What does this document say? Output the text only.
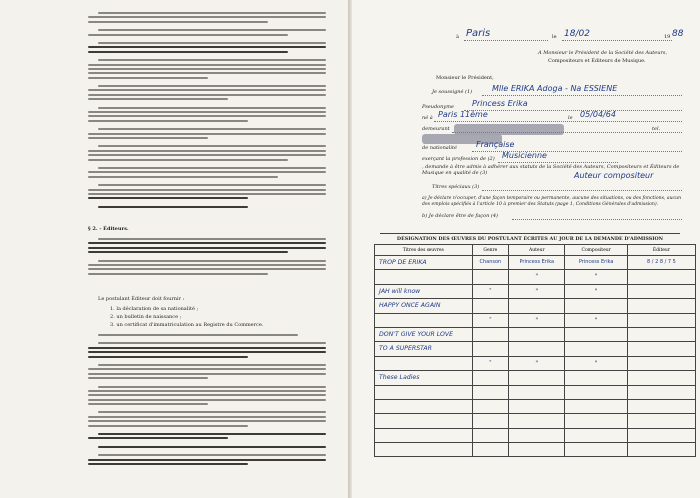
§ 2. - Éditeurs.
Le postulant Éditeur doit fournir :
1. la déclaration de sa nationalité ;
2. un bulletin de naissance ;
3. un certificat d'immatriculation au Registre du Commerce.
à Paris	le 18/02	19 88
A Monsieur le Président de la Société des Auteurs,
Compositeurs et Éditeurs de Musique.
Monsieur le Président,
Je soussigné (1) Mlle ERIKA Adoga - Na ESSIENE
Pseudonyme Princess Erika
né à Paris 11ème	le 05/04/64
demeurant	tel.
de nationalité Française
exerçant la profession de (2) Musicienne
, demande à être admis à adhérer aux statuts de la Société des Auteurs, Compositeurs et Éditeurs de Musique en qualité de (3)	Auteur compositeur
Titres spéciaux (3)
a) Je déclare n'occuper, d'une façon temporaire ou permanente, aucune des situations, ou des fonctions, aucun des emplois spécifiés à l'article 10 à premier des Statuts (page 1, Conditions Générales d'admission).
b) Je déclare être de façon (4)
DÉSIGNATION DES ŒUVRES DU POSTULANT ÉCRITES AU JOUR DE LA DEMANDE D'ADMISSION
Titres des œuvres	Genre	Auteur	Compositeur	Éditeur

TROP DE ERIKA	Chanson	Princess Erika	Princess Erika	8 / 2 8 / 7 5

		"	"	

JAH will know	"	"	"	

HAPPY ONCE AGAIN				

	"	"	"	

DON'T GIVE YOUR LOVE				

TO A SUPERSTAR				

	"	"	"	

These Ladies				
